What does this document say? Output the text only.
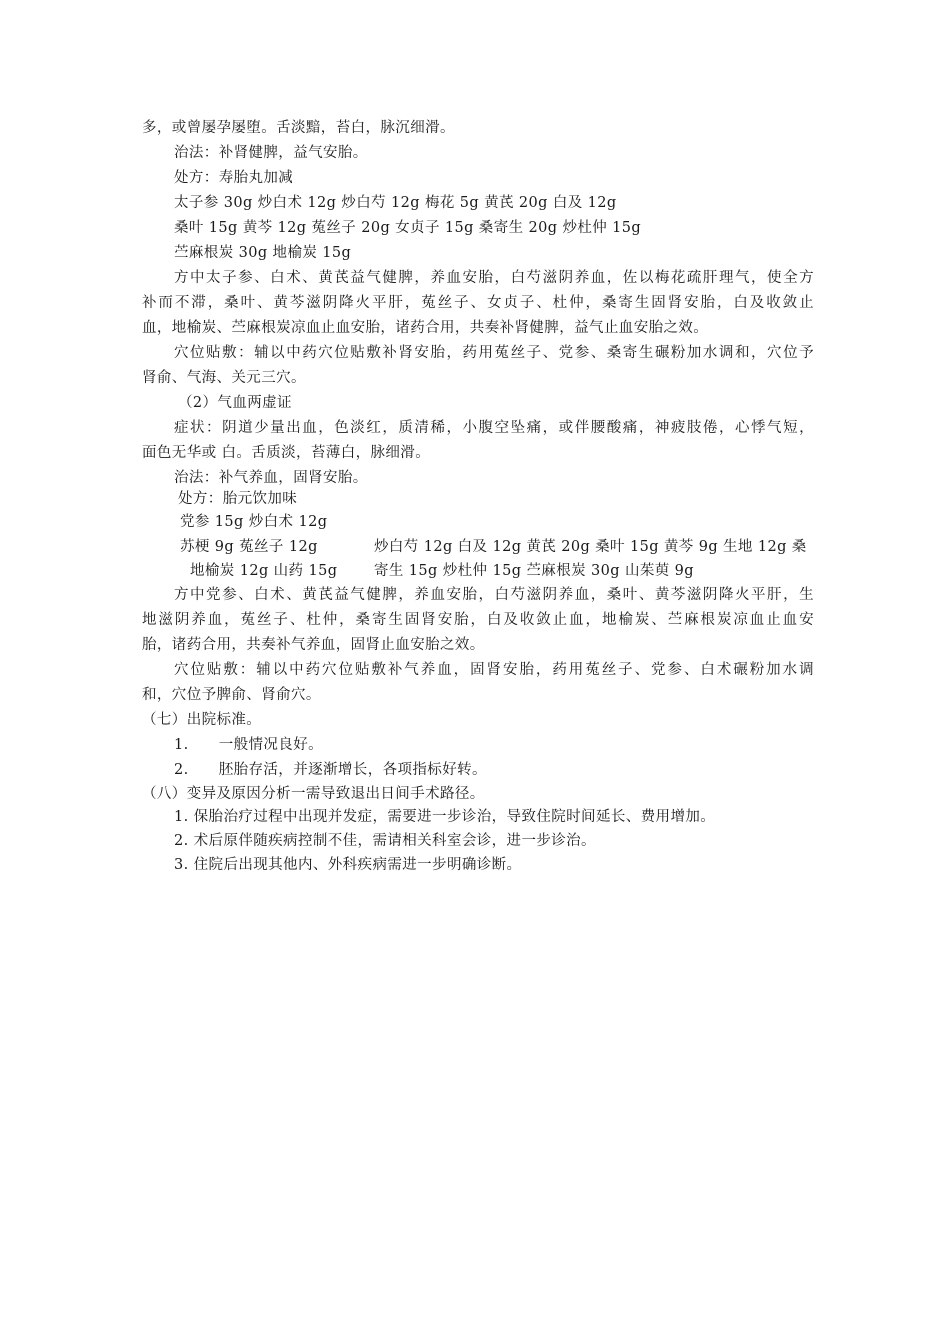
多，或曾屡孕屡堕。舌淡黯，苔白，脉沉细滑。
治法：补肾健脾，益气安胎。
处方：寿胎丸加减
太子参 30g 炒白术 12g 炒白芍 12g 梅花 5g 黄芪 20g 白及 12g
桑叶 15g 黄芩 12g 菟丝子 20g 女贞子 15g 桑寄生 20g 炒杜仲 15g
苎麻根炭 30g 地榆炭 15g
方中太子参、白术、黄芪益气健脾，养血安胎，白芍滋阴养血，佐以梅花疏肝理气，使全方
补而不滞，桑叶、黄芩滋阴降火平肝，菟丝子、女贞子、杜仲，桑寄生固肾安胎，白及收敛止
血，地榆炭、苎麻根炭凉血止血安胎，诸药合用，共奏补肾健脾，益气止血安胎之效。
穴位贴敷：辅以中药穴位贴敷补肾安胎，药用菟丝子、党参、桑寄生碾粉加水调和，穴位予
肾俞、气海、关元三穴。
（2）气血两虚证
症状：阴道少量出血，色淡红，质清稀，小腹空坠痛，或伴腰酸痛，神疲肢倦，心悸气短，
面色无华或 白。舌质淡，苔薄白，脉细滑。
治法：补气养血，固肾安胎。
处方：胎元饮加味
党参 15g 炒白术 12g
苏梗 9g 菟丝子 12g	炒白芍 12g 白及 12g 黄芪 20g 桑叶 15g 黄芩 9g 生地 12g 桑
地榆炭 12g 山药 15g	寄生 15g 炒杜仲 15g 苎麻根炭 30g 山茱萸 9g
方中党参、白术、黄芪益气健脾，养血安胎，白芍滋阴养血，桑叶、黄芩滋阴降火平肝，生
地滋阴养血，菟丝子、杜仲，桑寄生固肾安胎，白及收敛止血，地榆炭、苎麻根炭凉血止血安
胎，诸药合用，共奏补气养血，固肾止血安胎之效。
穴位贴敷：辅以中药穴位贴敷补气养血，固肾安胎，药用菟丝子、党参、白术碾粉加水调
和，穴位予脾俞、肾俞穴。
（七）出院标准。
1.      一般情况良好。
2.      胚胎存活，并逐渐增长，各项指标好转。
（八）变异及原因分析一需导致退出日间手术路径。
1. 保胎治疗过程中出现并发症，需要进一步诊治，导致住院时间延长、费用增加。
2. 术后原伴随疾病控制不佳，需请相关科室会诊，进一步诊治。
3. 住院后出现其他内、外科疾病需进一步明确诊断。
